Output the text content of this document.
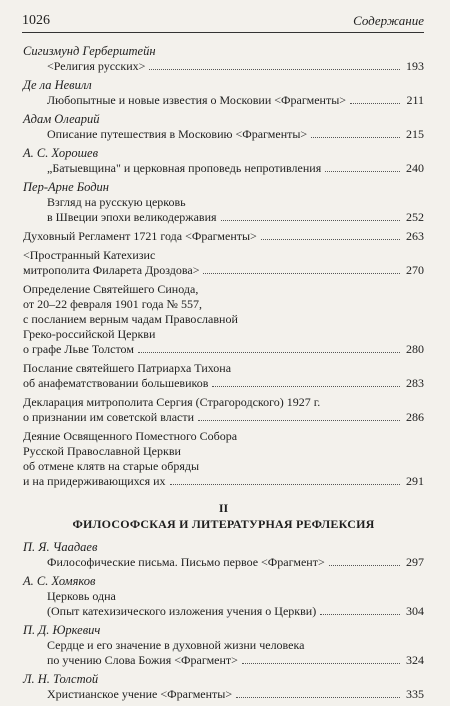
1026	Содержание
Сигизмунд Герберштейн
<Религия русских>	193
Де ла Невилл
Любопытные и новые известия о Московии <Фрагменты>	211
Адам Олеарий
Описание путешествия в Московию <Фрагменты>	215
А. С. Хорошев
„Батыевщина" и церковная проповедь непротивления	240
Пер-Арне Бодин
Взгляд на русскую церковь
в Швеции эпохи великодержавия	252
Духовный Регламент 1721 года <Фрагменты>	263
<Пространный Катехизис
митрополита Филарета Дроздова>	270
Определение Святейшего Синода,
от 20–22 февраля 1901 года № 557,
с посланием верным чадам Православной
Греко-российской Церкви
о графе Льве Толстом	280
Послание святейшего Патриарха Тихона
об анафематствовании большевиков	283
Декларация митрополита Сергия (Страгородского) 1927 г.
о признании им советской власти	286
Деяние Освященного Поместного Собора
Русской Православной Церкви
об отмене клятв на старые обряды
и на придерживающихся их	291
II
ФИЛОСОФСКАЯ И ЛИТЕРАТУРНАЯ РЕФЛЕКСИЯ
П. Я. Чаадаев
Философические письма. Письмо первое <Фрагмент>	297
А. С. Хомяков
Церковь одна
(Опыт катехизического изложения учения о Церкви)	304
П. Д. Юркевич
Сердце и его значение в духовной жизни человека
по учению Слова Божия <Фрагмент>	324
Л. Н. Толстой
Христианское учение <Фрагменты>	335
